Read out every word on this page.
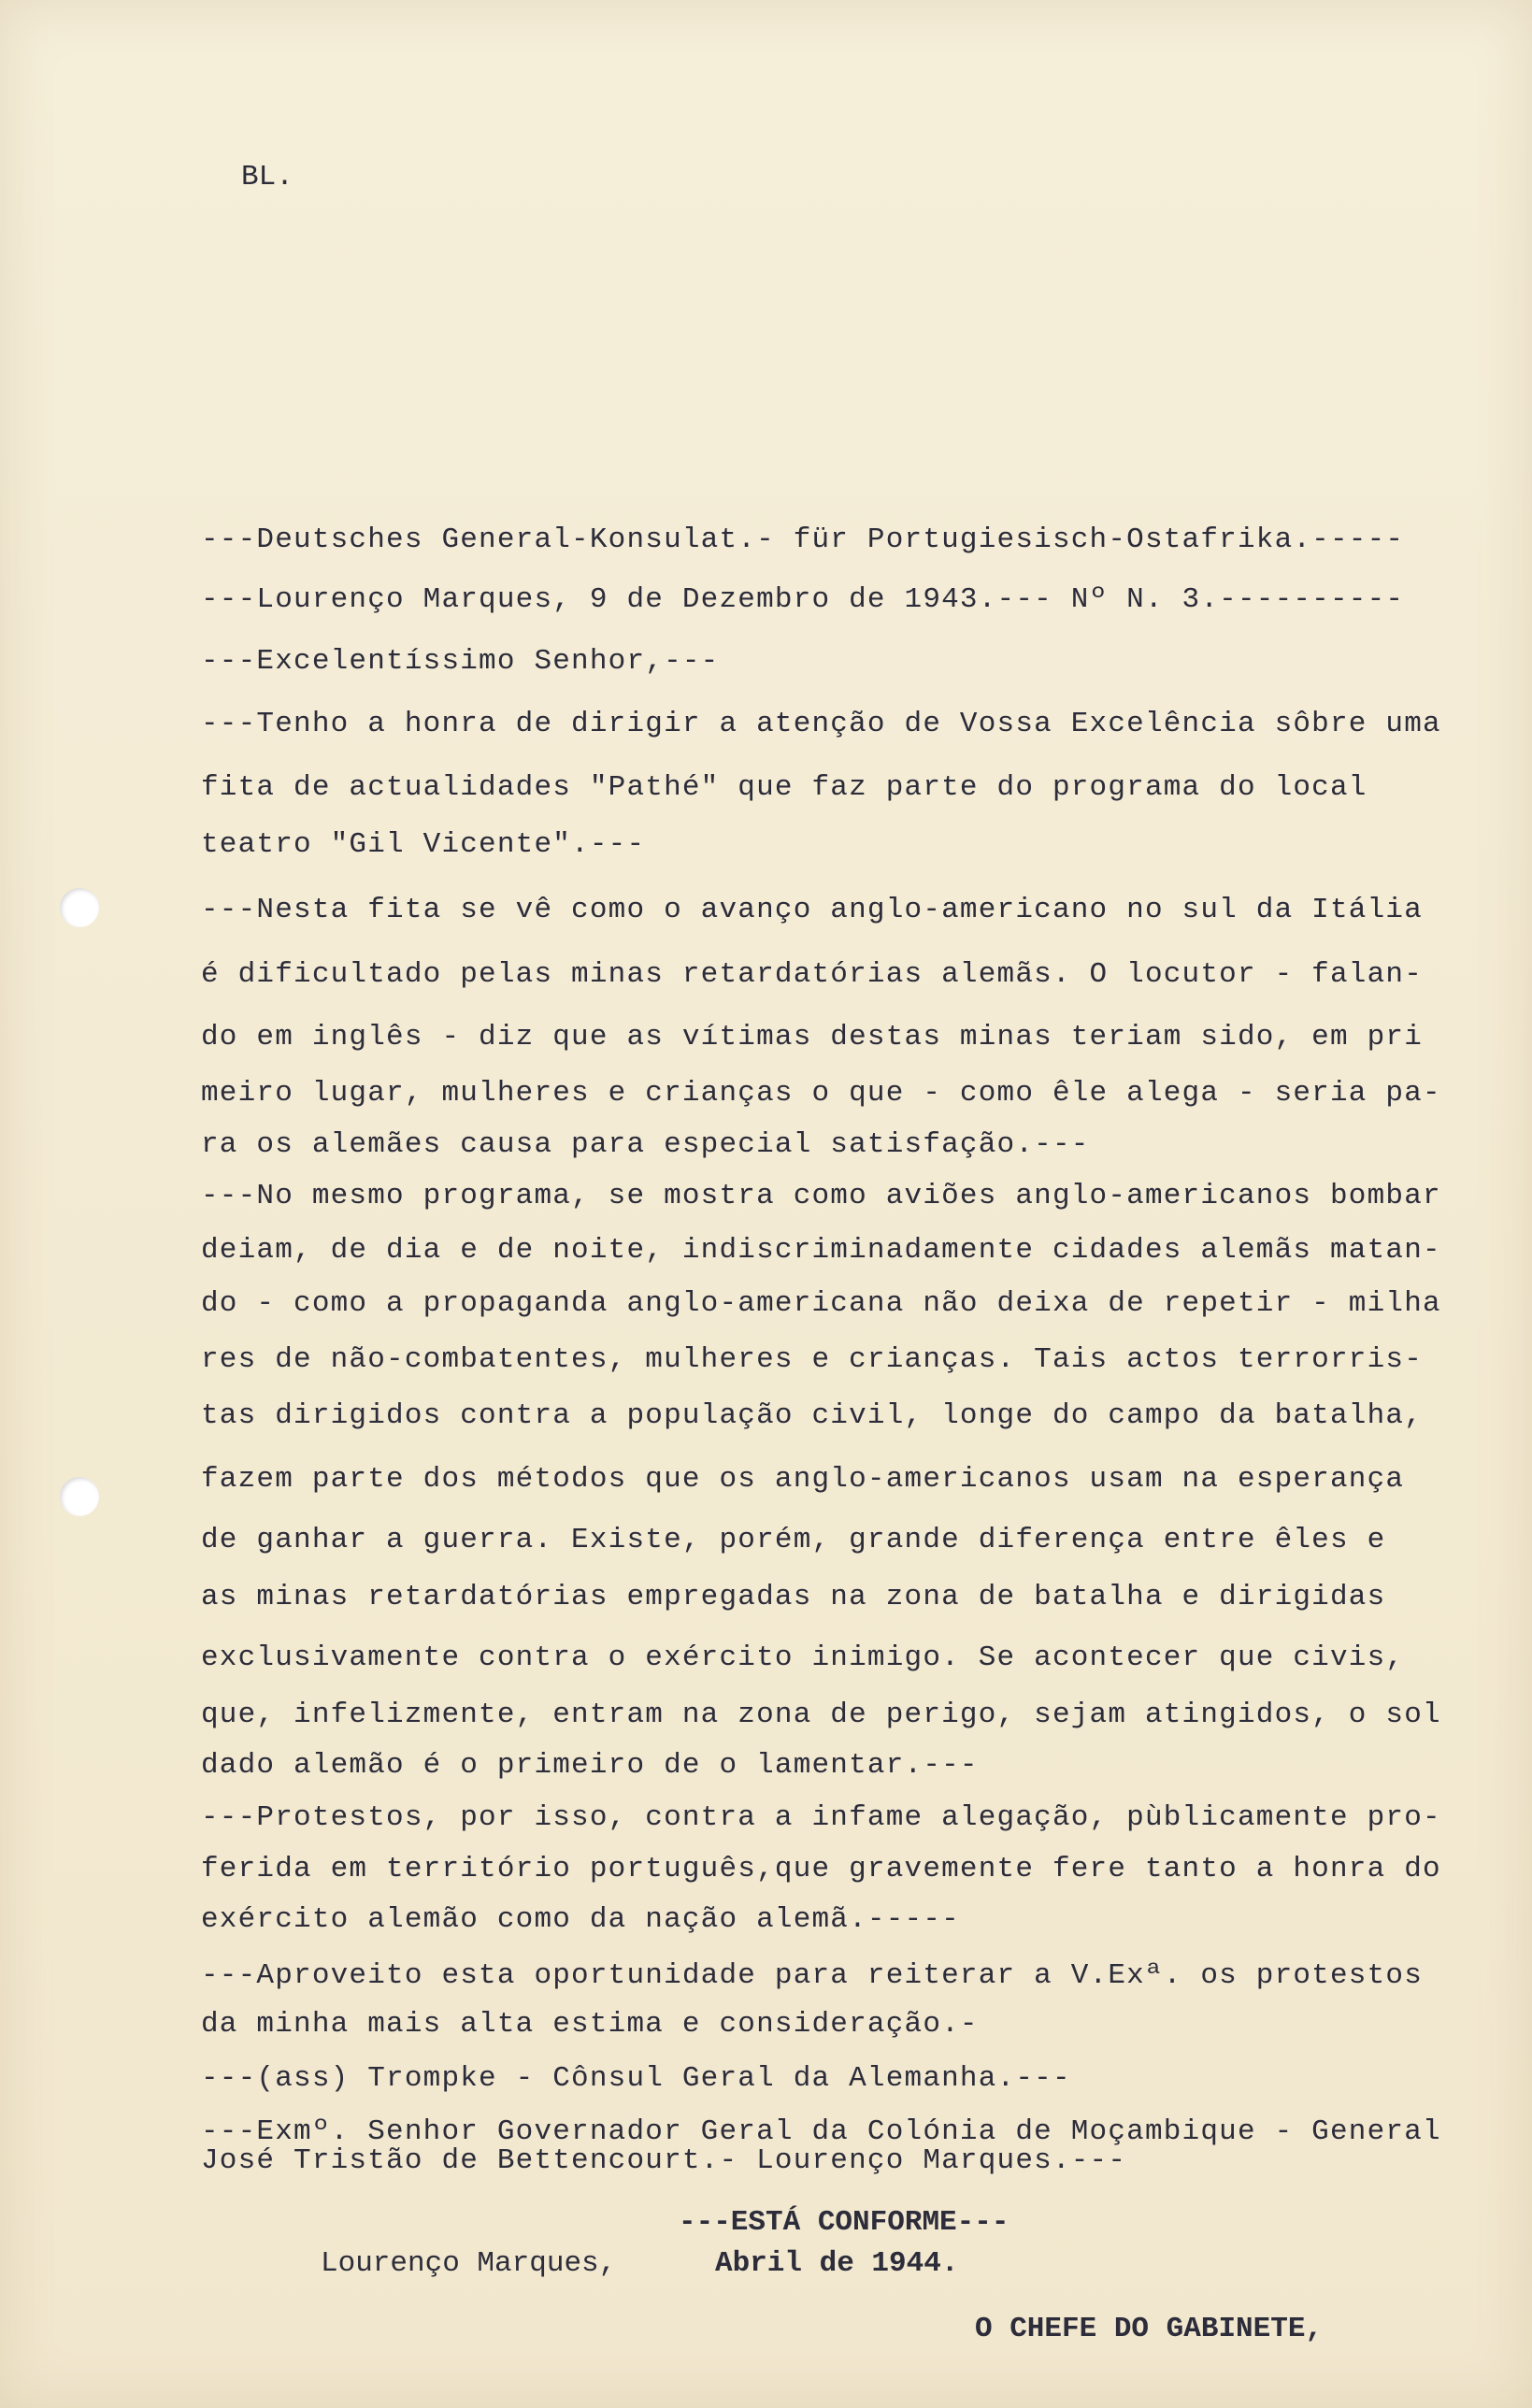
BL.
---Deutsches General-Konsulat.- für Portugiesisch-Ostafrika.-----
---Lourenço Marques, 9 de Dezembro de 1943.--- Nº N. 3.----------
---Excelentíssimo Senhor,---
---Tenho a honra de dirigir a atenção de Vossa Excelência sôbre uma
fita de actualidades "Pathé" que faz parte do programa do local
teatro "Gil Vicente".---
---Nesta fita se vê como o avanço anglo-americano no sul da Itália
é dificultado pelas minas retardatórias alemãs. O locutor - falan-
do em inglês - diz que as vítimas destas minas teriam sido, em pri
meiro lugar, mulheres e crianças o que - como êle alega - seria pa-
ra os alemães causa para especial satisfação.---
---No mesmo programa, se mostra como aviões anglo-americanos bombar
deiam, de dia e de noite, indiscriminadamente cidades alemãs matan-
do - como a propaganda anglo-americana não deixa de repetir - milha
res de não-combatentes, mulheres e crianças. Tais actos terrorris-
tas dirigidos contra a população civil, longe do campo da batalha,
fazem parte dos métodos que os anglo-americanos usam na esperança
de ganhar a guerra. Existe, porém, grande diferença entre êles e
as minas retardatórias empregadas na zona de batalha e dirigidas
exclusivamente contra o exército inimigo. Se acontecer que civis,
que, infelizmente, entram na zona de perigo, sejam atingidos, o sol
dado alemão é o primeiro de o lamentar.---
---Protestos, por isso, contra a infame alegação, pùblicamente pro-
ferida em território português,que gravemente fere tanto a honra do
exército alemão como da nação alemã.-----
---Aproveito esta oportunidade para reiterar a V.Exª. os protestos
da minha mais alta estima e consideração.-
---(ass) Trompke - Cônsul Geral da Alemanha.---
---Exmº. Senhor Governador Geral da Colónia de Moçambique - General
José Tristão de Bettencourt.- Lourenço Marques.---
---ESTÁ CONFORME---
Lourenço Marques,	Abril de 1944.
O CHEFE DO GABINETE,
